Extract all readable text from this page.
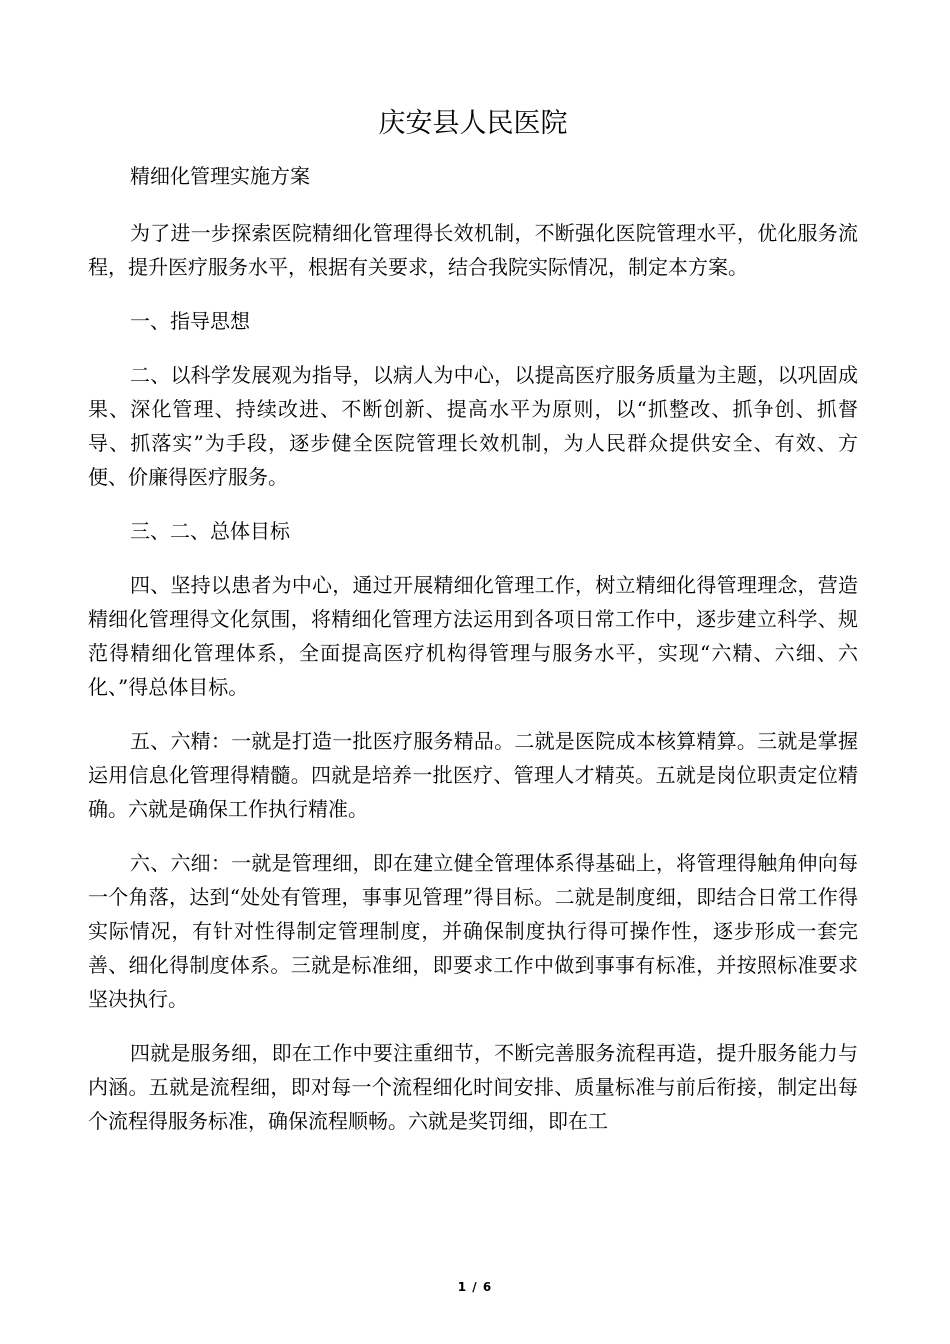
庆安县人民医院

精细化管理实施方案

为了进一步探索医院精细化管理得长效机制，不断强化医院管理水平，优化服务流程，提升医疗服务水平，根据有关要求，结合我院实际情况，制定本方案。

一、指导思想

二、以科学发展观为指导，以病人为中心，以提高医疗服务质量为主题，以巩固成果、深化管理、持续改进、不断创新、提高水平为原则，以“抓整改、抓争创、抓督导、抓落实”为手段，逐步健全医院管理长效机制，为人民群众提供安全、有效、方便、价廉得医疗服务。

三、二、总体目标

四、坚持以患者为中心，通过开展精细化管理工作，树立精细化得管理理念，营造精细化管理得文化氛围，将精细化管理方法运用到各项日常工作中，逐步建立科学、规范得精细化管理体系，全面提高医疗机构得管理与服务水平，实现“六精、六细、六化、”得总体目标。

五、六精：一就是打造一批医疗服务精品。二就是医院成本核算精算。三就是掌握运用信息化管理得精髓。四就是培养一批医疗、管理人才精英。五就是岗位职责定位精确。六就是确保工作执行精准。

六、六细：一就是管理细，即在建立健全管理体系得基础上，将管理得触角伸向每一个角落，达到“处处有管理，事事见管理”得目标。二就是制度细，即结合日常工作得实际情况，有针对性得制定管理制度，并确保制度执行得可操作性，逐步形成一套完善、细化得制度体系。三就是标准细，即要求工作中做到事事有标准，并按照标准要求坚决执行。

四就是服务细，即在工作中要注重细节，不断完善服务流程再造，提升服务能力与内涵。五就是流程细，即对每一个流程细化时间安排、质量标准与前后衔接，制定出每个流程得服务标准，确保流程顺畅。六就是奖罚细，即在工

1 / 6
